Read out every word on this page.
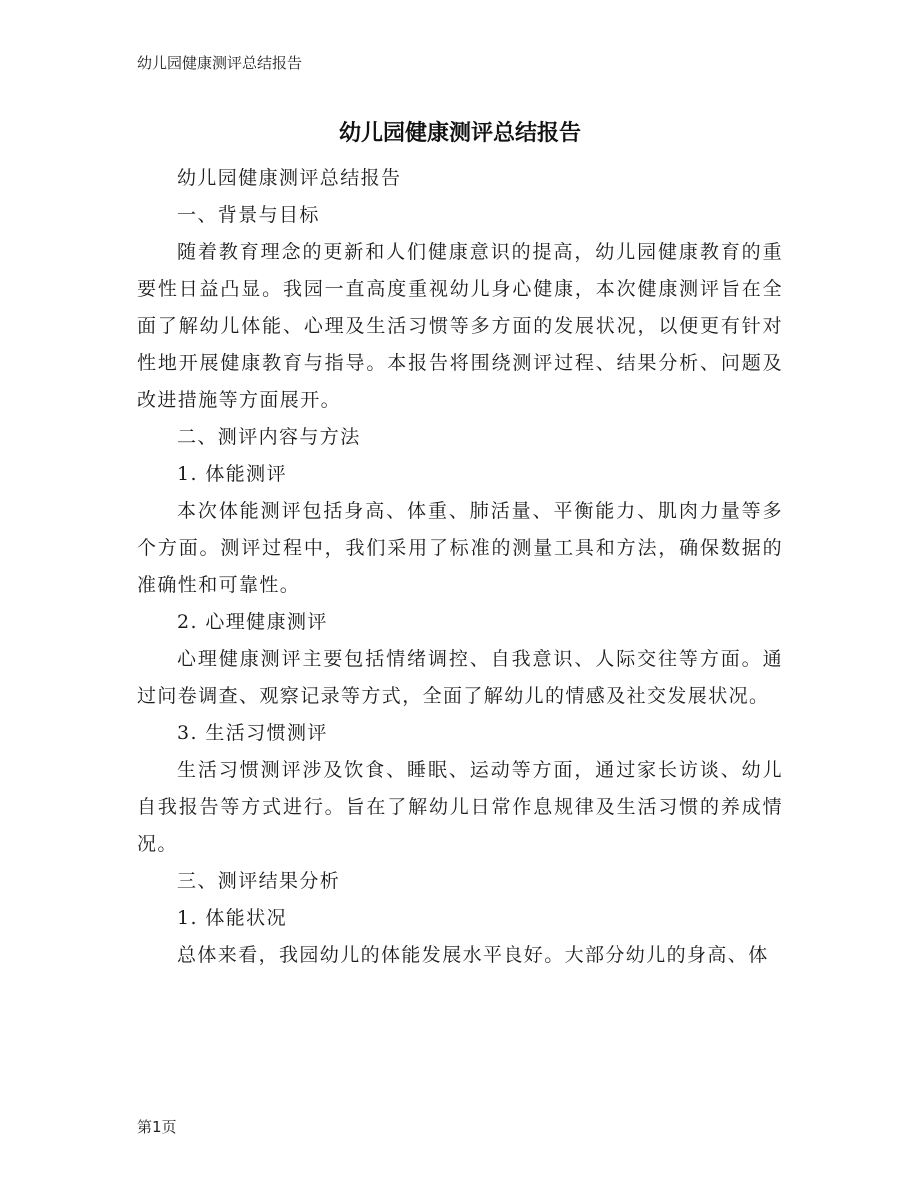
幼儿园健康测评总结报告
幼儿园健康测评总结报告

幼儿园健康测评总结报告

一、背景与目标

随着教育理念的更新和人们健康意识的提高，幼儿园健康教育的重要性日益凸显。我园一直高度重视幼儿身心健康，本次健康测评旨在全面了解幼儿体能、心理及生活习惯等多方面的发展状况，以便更有针对性地开展健康教育与指导。本报告将围绕测评过程、结果分析、问题及改进措施等方面展开。

二、测评内容与方法

1. 体能测评

本次体能测评包括身高、体重、肺活量、平衡能力、肌肉力量等多个方面。测评过程中，我们采用了标准的测量工具和方法，确保数据的准确性和可靠性。

2. 心理健康测评

心理健康测评主要包括情绪调控、自我意识、人际交往等方面。通过问卷调查、观察记录等方式，全面了解幼儿的情感及社交发展状况。

3. 生活习惯测评

生活习惯测评涉及饮食、睡眠、运动等方面，通过家长访谈、幼儿自我报告等方式进行。旨在了解幼儿日常作息规律及生活习惯的养成情况。

三、测评结果分析

1. 体能状况

总体来看，我园幼儿的体能发展水平良好。大部分幼儿的身高、体

第1页
